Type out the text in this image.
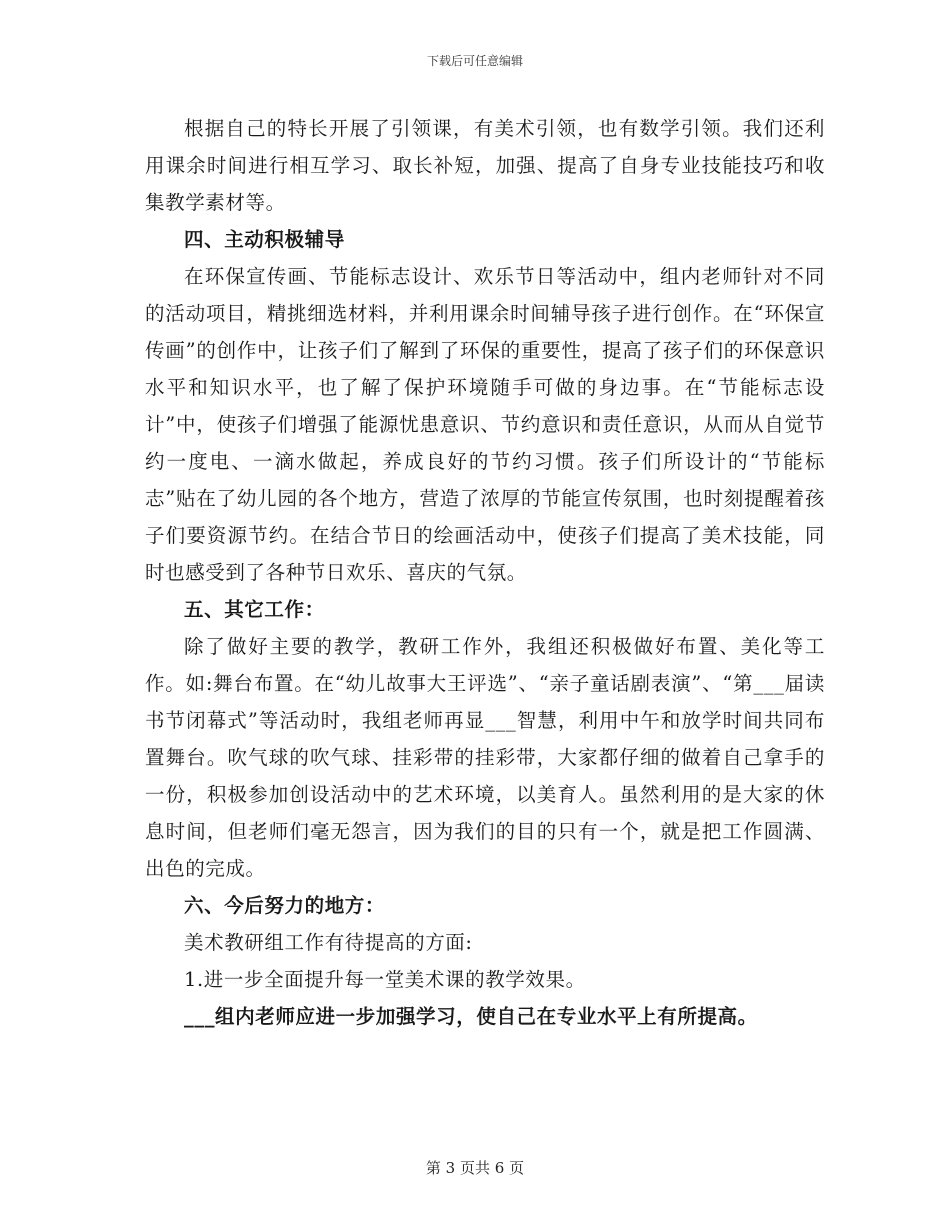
下载后可任意编辑

根据自己的特长开展了引领课，有美术引领，也有数学引领。我们还利用课余时间进行相互学习、取长补短，加强、提高了自身专业技能技巧和收集教学素材等。

四、主动积极辅导

在环保宣传画、节能标志设计、欢乐节日等活动中，组内老师针对不同的活动项目，精挑细选材料，并利用课余时间辅导孩子进行创作。在“环保宣传画”的创作中，让孩子们了解到了环保的重要性，提高了孩子们的环保意识水平和知识水平，也了解了保护环境随手可做的身边事。在“节能标志设计”中，使孩子们增强了能源忧患意识、节约意识和责任意识，从而从自觉节约一度电、一滴水做起，养成良好的节约习惯。孩子们所设计的“节能标志”贴在了幼儿园的各个地方，营造了浓厚的节能宣传氛围，也时刻提醒着孩子们要资源节约。在结合节日的绘画活动中，使孩子们提高了美术技能，同时也感受到了各种节日欢乐、喜庆的气氛。

五、其它工作：

除了做好主要的教学，教研工作外，我组还积极做好布置、美化等工作。如:舞台布置。在“幼儿故事大王评选”、“亲子童话剧表演”、“第___届读书节闭幕式”等活动时，我组老师再显___智慧，利用中午和放学时间共同布置舞台。吹气球的吹气球、挂彩带的挂彩带，大家都仔细的做着自己拿手的一份，积极参加创设活动中的艺术环境，以美育人。虽然利用的是大家的休息时间，但老师们毫无怨言，因为我们的目的只有一个，就是把工作圆满、出色的完成。

六、今后努力的地方：

美术教研组工作有待提高的方面:

1.进一步全面提升每一堂美术课的教学效果。

___组内老师应进一步加强学习，使自己在专业水平上有所提高。

第 3 页共 6 页
